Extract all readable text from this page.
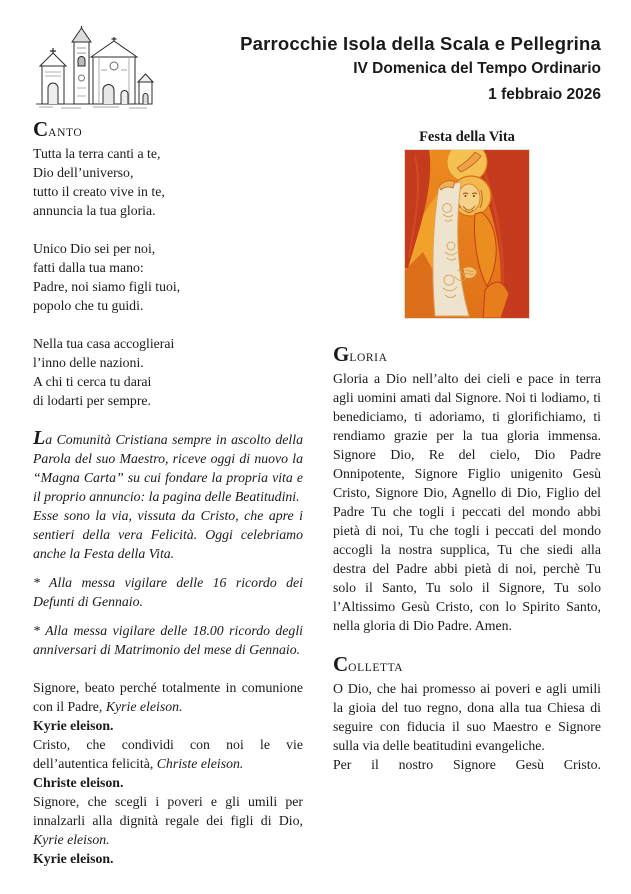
Parrocchie Isola della Scala e Pellegrina
IV Domenica del Tempo Ordinario
1 febbraio 2026
CANTO
Tutta la terra canti a te,
Dio dell’universo,
tutto il creato vive in te,
annuncia la tua gloria.
Unico Dio sei per noi,
fatti dalla tua mano:
Padre, noi siamo figli tuoi,
popolo che tu guidi.
Nella tua casa accoglierai
l’inno delle nazioni.
A chi ti cerca tu darai
di lodarti per sempre.

La Comunità Cristiana sempre in ascolto della Parola del suo Maestro, riceve oggi di nuovo la “Magna Carta” su cui fondare la propria vita e il proprio annuncio: la pagina delle Beatitudini.

Esse sono la via, vissuta da Cristo, che apre i sentieri della vera Felicità. Oggi celebriamo anche la Festa della Vita.

* Alla messa vigilare delle 16 ricordo dei Defunti di Gennaio.

* Alla messa vigilare delle 18.00 ricordo degli anniversari di Matrimonio del mese di Gennaio.

Signore, beato perché totalmente in comunione con il Padre, Kyrie eleison.

Kyrie eleison.

Cristo, che condividi con noi le vie dell’autentica felicità, Christe eleison.

Christe eleison.

Signore, che scegli i poveri e gli umili per innalzarli alla dignità regale dei figli di Dio, Kyrie eleison.

Kyrie eleison.

Festa della Vita
GLORIA

Gloria a Dio nell’alto dei cieli e pace in terra agli uomini amati dal Signore. Noi ti lodiamo, ti benediciamo, ti adoriamo, ti glorifichiamo, ti rendiamo grazie per la tua gloria immensa. Signore Dio, Re del cielo, Dio Padre Onnipotente, Signore Figlio unigenito Gesù Cristo, Signore Dio, Agnello di Dio, Figlio del Padre Tu che togli i peccati del mondo abbi pietà di noi, Tu che togli i peccati del mondo accogli la nostra supplica, Tu che siedi alla destra del Padre abbi pietà di noi, perchè Tu solo il Santo, Tu solo il Signore, Tu solo l’Altissimo Gesù Cristo, con lo Spirito Santo, nella gloria di Dio Padre. Amen.

COLLETTA

O Dio, che hai promesso ai poveri e agli umili la gioia del tuo regno, dona alla tua Chiesa di seguire con fiducia il suo Maestro e Signore sulla via delle beatitudini evangeliche.

Per il nostro Signore Gesù Cristo.
